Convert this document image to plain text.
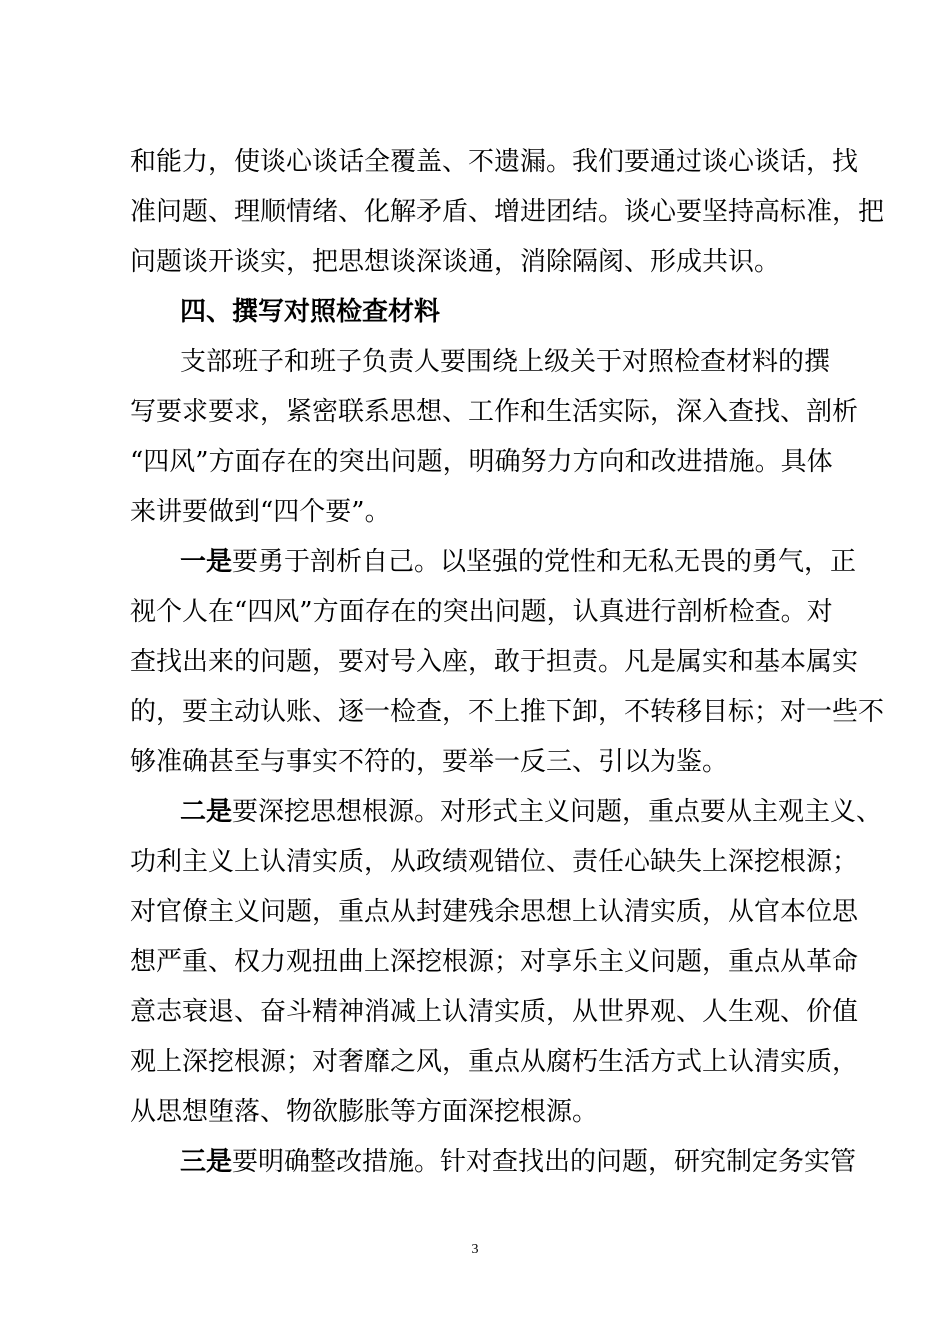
和能力，使谈心谈话全覆盖、不遗漏。我们要通过谈心谈话，找
准问题、理顺情绪、化解矛盾、增进团结。谈心要坚持高标准，把
问题谈开谈实，把思想谈深谈通，消除隔阂、形成共识。
四、撰写对照检查材料
支部班子和班子负责人要围绕上级关于对照检查材料的撰
写要求要求，紧密联系思想、工作和生活实际，深入查找、剖析
“四风”方面存在的突出问题，明确努力方向和改进措施。具体
来讲要做到“四个要”。
一是要勇于剖析自己。以坚强的党性和无私无畏的勇气，正
视个人在“四风”方面存在的突出问题，认真进行剖析检查。对
查找出来的问题，要对号入座，敢于担责。凡是属实和基本属实
的，要主动认账、逐一检查，不上推下卸，不转移目标；对一些不
够准确甚至与事实不符的，要举一反三、引以为鉴。
二是要深挖思想根源。对形式主义问题，重点要从主观主义、
功利主义上认清实质，从政绩观错位、责任心缺失上深挖根源；
对官僚主义问题，重点从封建残余思想上认清实质，从官本位思
想严重、权力观扭曲上深挖根源；对享乐主义问题，重点从革命
意志衰退、奋斗精神消减上认清实质，从世界观、人生观、价值
观上深挖根源；对奢靡之风，重点从腐朽生活方式上认清实质，
从思想堕落、物欲膨胀等方面深挖根源。
三是要明确整改措施。针对查找出的问题，研究制定务实管
3
